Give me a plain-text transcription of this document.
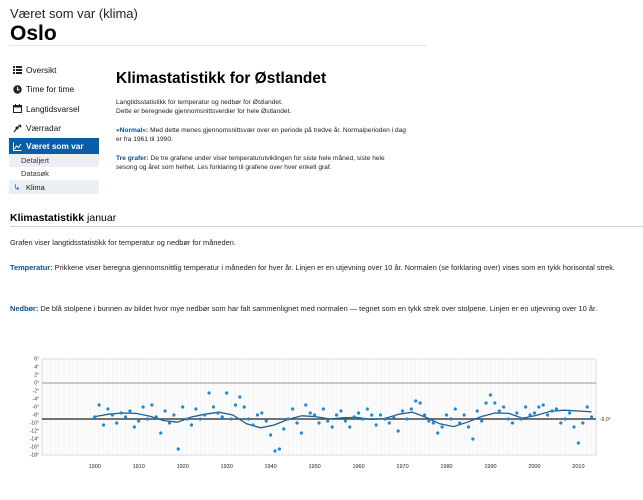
Været som var (klima)
Oslo
Oversikt
Time for time
Langtidsvarsel
Værradar
Været som var
Detaljert
Datasøk
↳ Klima
Klimastatistikk for Østlandet

Langtidsstatistikk for temperatur og nedbør for Østlandet.

Dette er beregnede gjennomsnittsverdier for hele Østlandet.

«Normal»: Med dette menes gjennomsnittsvær over en periode på tredve år. Normalperioden i dag er fra 1961 til 1990.

Tre grafer: De tre grafene under viser temperaturutviklingen for siste hele måned, siste hele sesong og året som helhet. Les forklaring til grafene over hver enkelt graf.

Klimastatistikk januar
Grafen viser langtidsstatistikk for temperatur og nedbør for måneden.
Temperatur: Prikkene viser beregna gjennomsnittlig temperatur i måneden for hver år. Linjen er en utjevning over 10 år. Normalen (se forklaring over) vises som en tykk horisontal strek.
Nedbør: De blå stolpene i bunnen av bildet hvor mye nedbør som har falt sammenlignet med normalen — tegnet som en tykk strek over stolpene. Linjen er en utjevning over 10 år.
-9,0°
6°
4°
2°
0°
-2°
-4°
-6°
-8°
-10°
-12°
-14°
-16°
-18°
1900	1910	1920	1930	1940	1950	1960	1970	1980	1990	2000	2010
